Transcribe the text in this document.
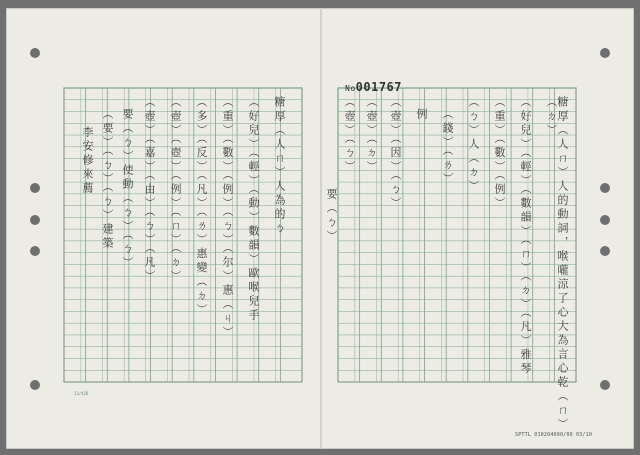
No001767
13/426
糖厚（人ㄇ）人為的ㄅ
（好兒）（輕）（動）數韻）歐喉兒手
（重）（數）（例）（ㄅ）（尔）惠（ㄐ）
（多）（反）（凡）（ㄌ）惠變（ㄉ）
（壺）（壺）（例）（ㄇ）（ㄉ）
（壺）（嘉）（由）（ㄅ）（凡）
要（ㄅ）使動（ㄅ）（ㄅ）
（要）（ㄅ）（ㄅ）建築
李安修來薦	糖厚（人ㄇ）人的動詞，喉嚨涼了心大為言心乾（ㄇ）（ㄉ）
（好兒）（輕）（數韻）（ㄇ）（ㄉ）（凡）雅琴
（重）（數）（例）
（ㄅ）人（ㄉ）
（錢）（ㄌ）
例
（壺）（因）（ㄅ）
（壺）（ㄉ）
（壺）（ㄅ）
要（ㄅ）
SPTTL 010204000/00 03/10
